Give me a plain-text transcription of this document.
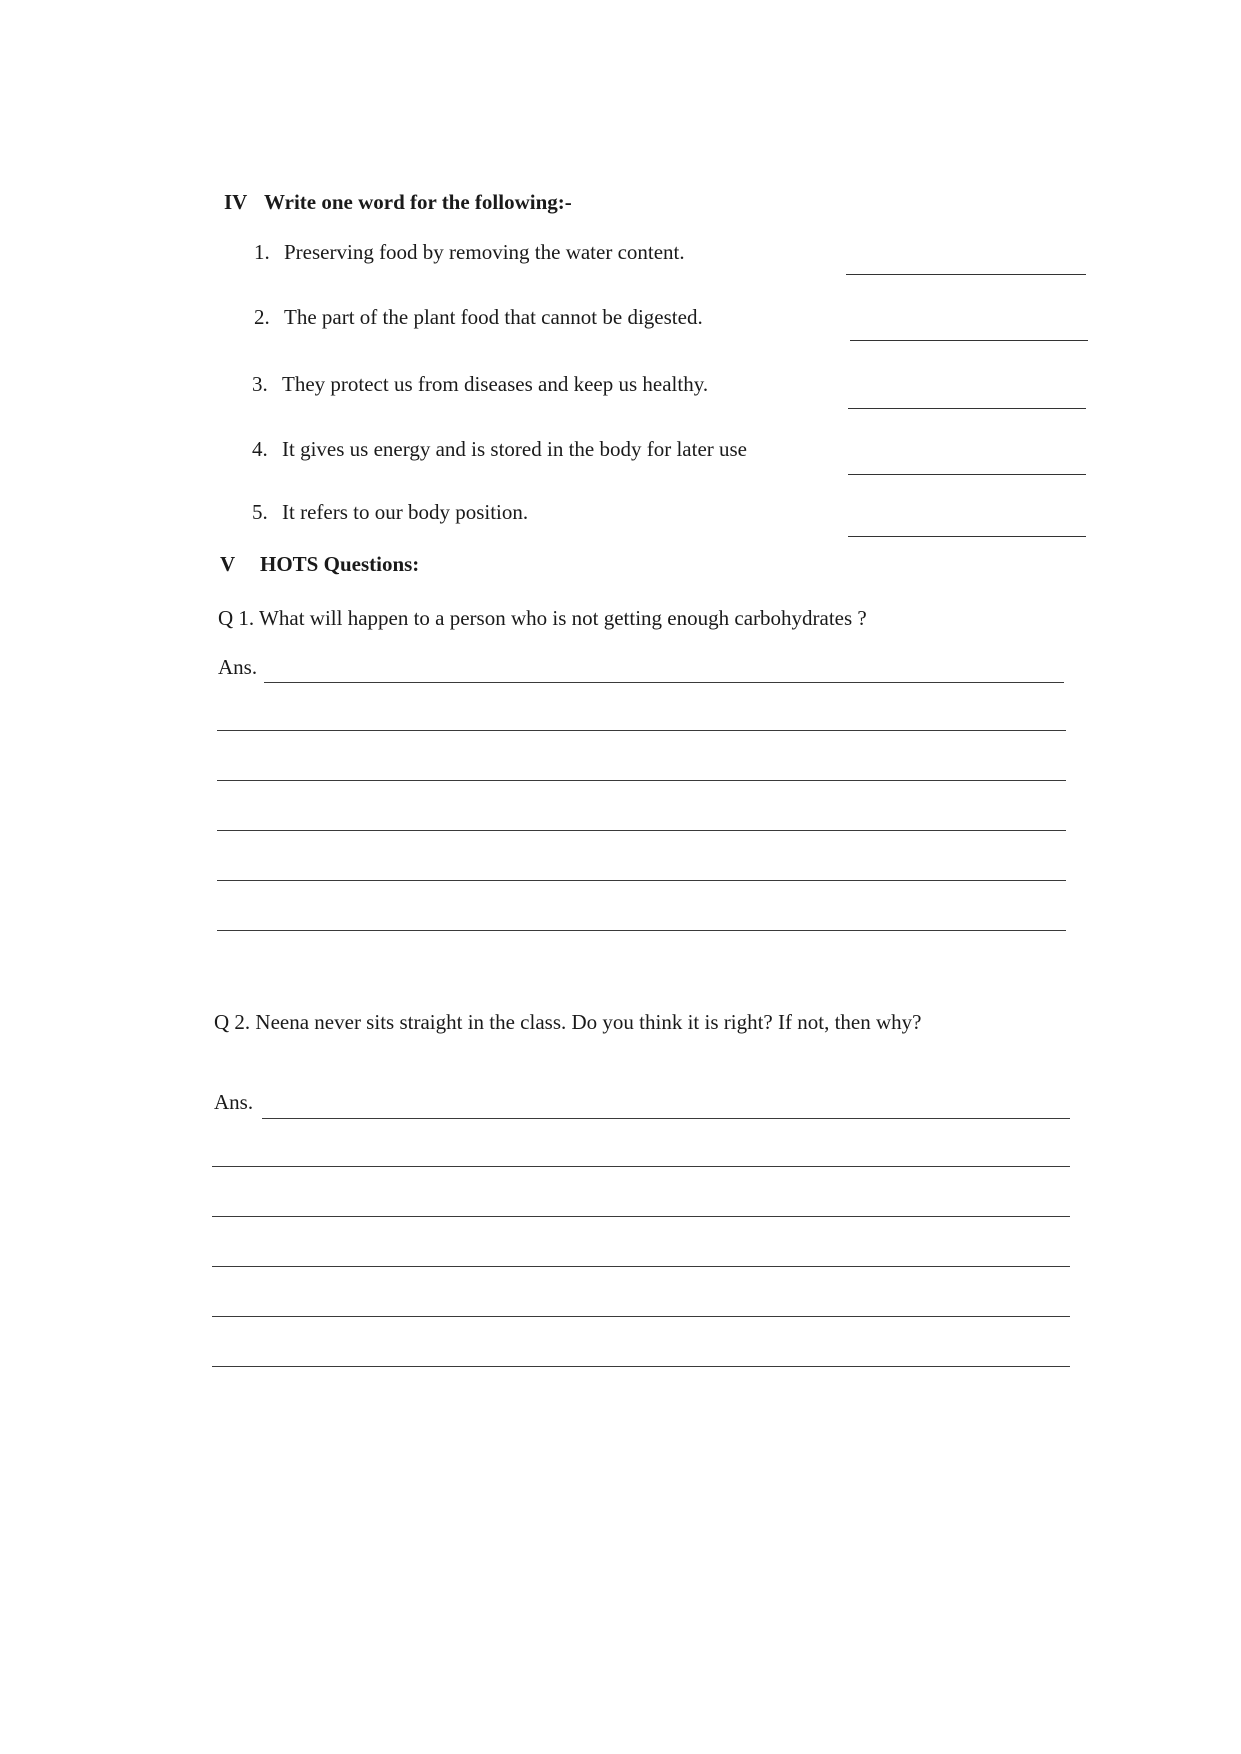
IV Write one word for the following:-
1. Preserving food by removing the water content.
2. The part of the plant food that cannot be digested.
3. They protect us from diseases and keep us healthy.
4. It gives us energy and is stored in the body for later use
5. It refers to our body position.
V HOTS Questions:
Q 1. What will happen to a person who is not getting enough carbohydrates ?
Ans.
Q 2. Neena never sits straight in the class. Do you think it is right? If not, then why?
Ans.
